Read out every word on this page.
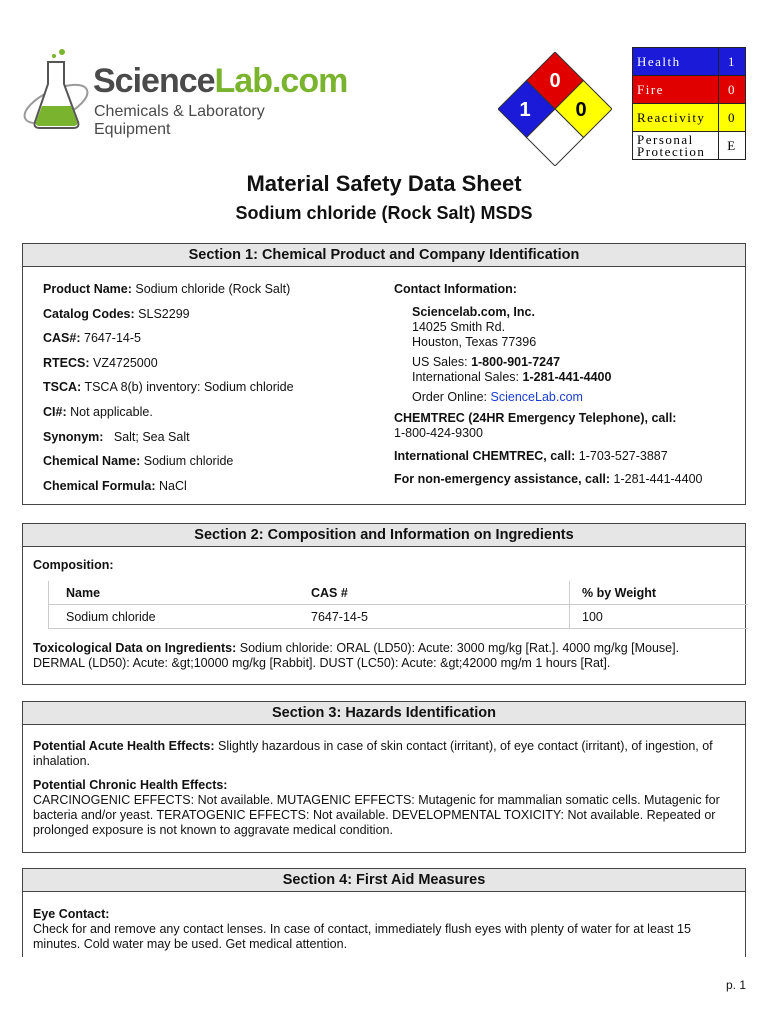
ScienceLab.com
Chemicals & Laboratory Equipment
0
1 0
Health	1
Fire	0
Reactivity	0
Personal
Protection	E
Material Safety Data Sheet
Sodium chloride (Rock Salt) MSDS
Section 1: Chemical Product and Company Identification
Product Name: Sodium chloride (Rock Salt)
Catalog Codes: SLS2299
CAS#: 7647-14-5
RTECS: VZ4725000
TSCA: TSCA 8(b) inventory: Sodium chloride
CI#: Not applicable.
Synonym:   Salt; Sea Salt
Chemical Name: Sodium chloride
Chemical Formula: NaCl
Contact Information:
Sciencelab.com, Inc.
14025 Smith Rd.
Houston, Texas 77396
US Sales: 1-800-901-7247
International Sales: 1-281-441-4400
Order Online: ScienceLab.com
CHEMTREC (24HR Emergency Telephone), call:
1-800-424-9300
International CHEMTREC, call: 1-703-527-3887
For non-emergency assistance, call: 1-281-441-4400
Section 2: Composition and Information on Ingredients
Composition:
Name	CAS #	% by Weight
Sodium chloride	7647-14-5	100
Toxicological Data on Ingredients: Sodium chloride: ORAL (LD50): Acute: 3000 mg/kg [Rat.]. 4000 mg/kg [Mouse]. DERMAL (LD50): Acute: &gt;10000 mg/kg [Rabbit]. DUST (LC50): Acute: &gt;42000 mg/m 1 hours [Rat].
Section 3: Hazards Identification
Potential Acute Health Effects: Slightly hazardous in case of skin contact (irritant), of eye contact (irritant), of ingestion, of inhalation.
Potential Chronic Health Effects:
CARCINOGENIC EFFECTS: Not available. MUTAGENIC EFFECTS: Mutagenic for mammalian somatic cells. Mutagenic for bacteria and/or yeast. TERATOGENIC EFFECTS: Not available. DEVELOPMENTAL TOXICITY: Not available. Repeated or prolonged exposure is not known to aggravate medical condition.
Section 4: First Aid Measures
Eye Contact:
Check for and remove any contact lenses. In case of contact, immediately flush eyes with plenty of water for at least 15 minutes. Cold water may be used. Get medical attention.
p. 1
